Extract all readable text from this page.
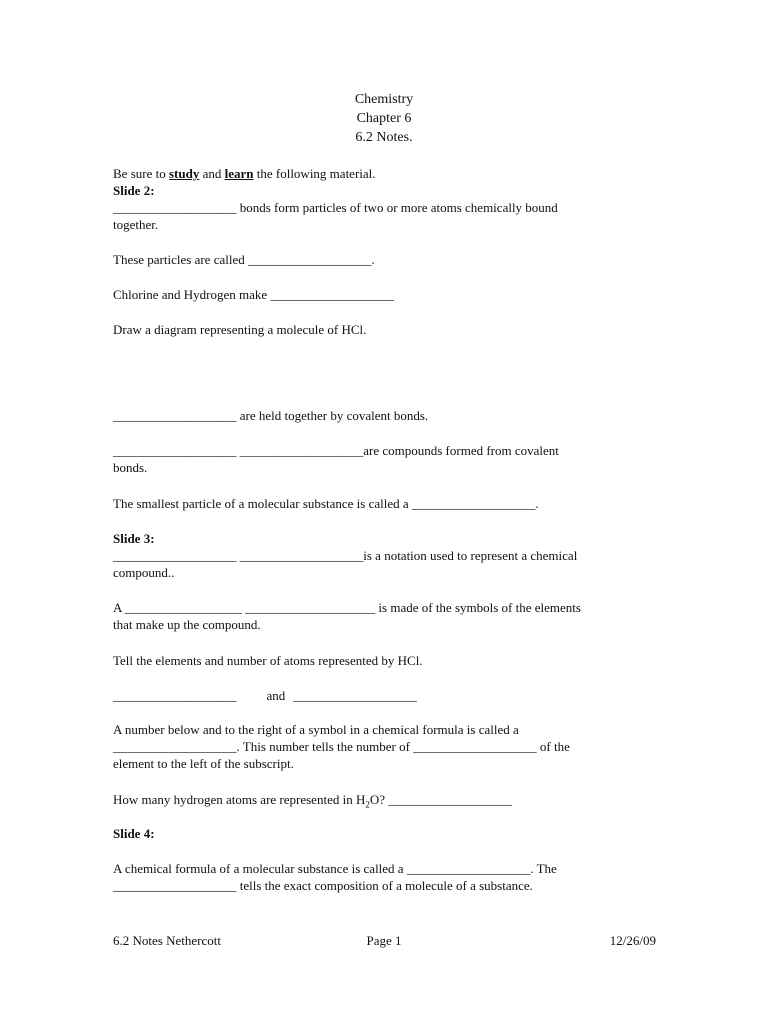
Chemistry
Chapter 6
6.2 Notes.
Be sure to study and learn the following material.
Slide 2:
___________________ bonds form particles of two or more atoms chemically bound
together.
These particles are called ___________________.
Chlorine and Hydrogen make ___________________
Draw a diagram representing a molecule of HCl.
___________________ are held together by covalent bonds.
___________________ ___________________are compounds formed from covalent
bonds.
The smallest particle of a molecular substance is called a ___________________.
Slide 3:
___________________ ___________________is a notation used to represent a chemical
compound..
A __________________ ____________________ is made of the symbols of the elements
that make up the compound.
Tell the elements and number of atoms represented by HCl.
___________________ and ___________________
A number below and to the right of a symbol in a chemical formula is called a
___________________. This number tells the number of ___________________ of the
element to the left of the subscript.
How many hydrogen atoms are represented in $H_2O$? ___________________
Slide 4:
A chemical formula of a molecular substance is called a ___________________. The
___________________ tells the exact composition of a molecule of a substance.
6.2 Notes Nethercott	Page 1	12/26/09
